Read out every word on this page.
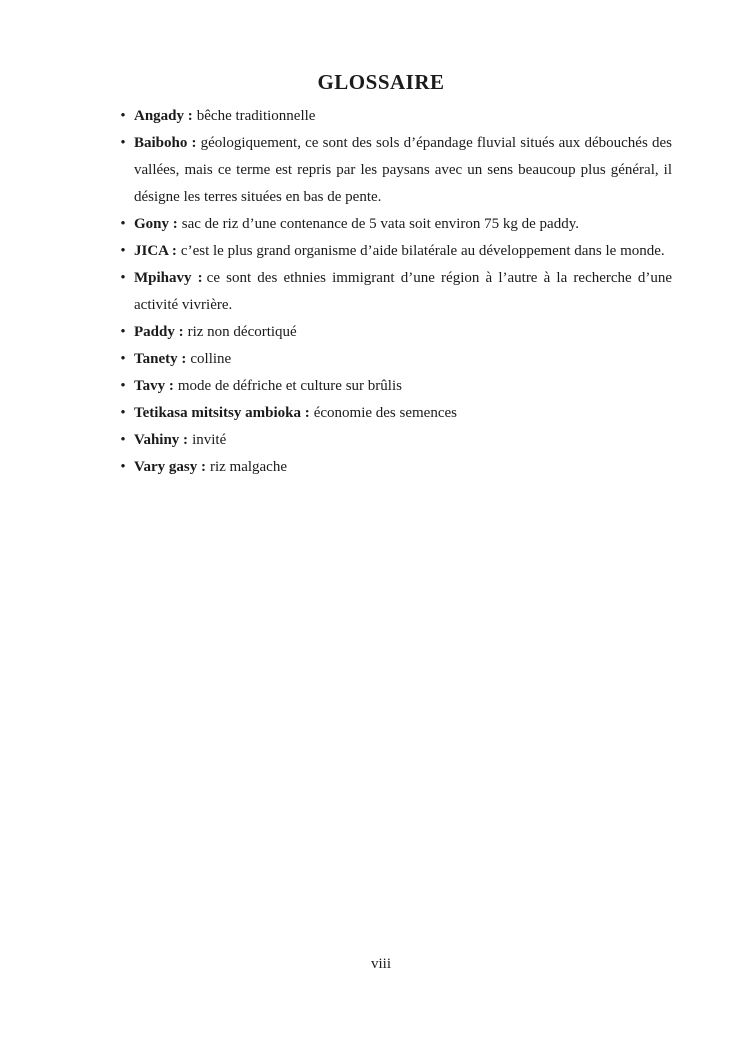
GLOSSAIRE
• Angady : bêche traditionnelle
• Baiboho : géologiquement, ce sont des sols d’épandage fluvial situés aux débouchés des vallées, mais ce terme est repris par les paysans avec un sens beaucoup plus général, il désigne les terres situées en bas de pente.
• Gony : sac de riz d’une contenance de 5 vata soit environ 75 kg de paddy.
• JICA : c’est le plus grand organisme d’aide bilatérale au développement dans le monde.
• Mpihavy : ce sont des ethnies immigrant d’une région à l’autre à la recherche d’une activité vivrière.
• Paddy : riz non décortiqué
• Tanety : colline
• Tavy : mode de défriche et culture sur brûlis
• Tetikasa mitsitsy ambioka : économie des semences
• Vahiny : invité
• Vary gasy : riz malgache
viii
